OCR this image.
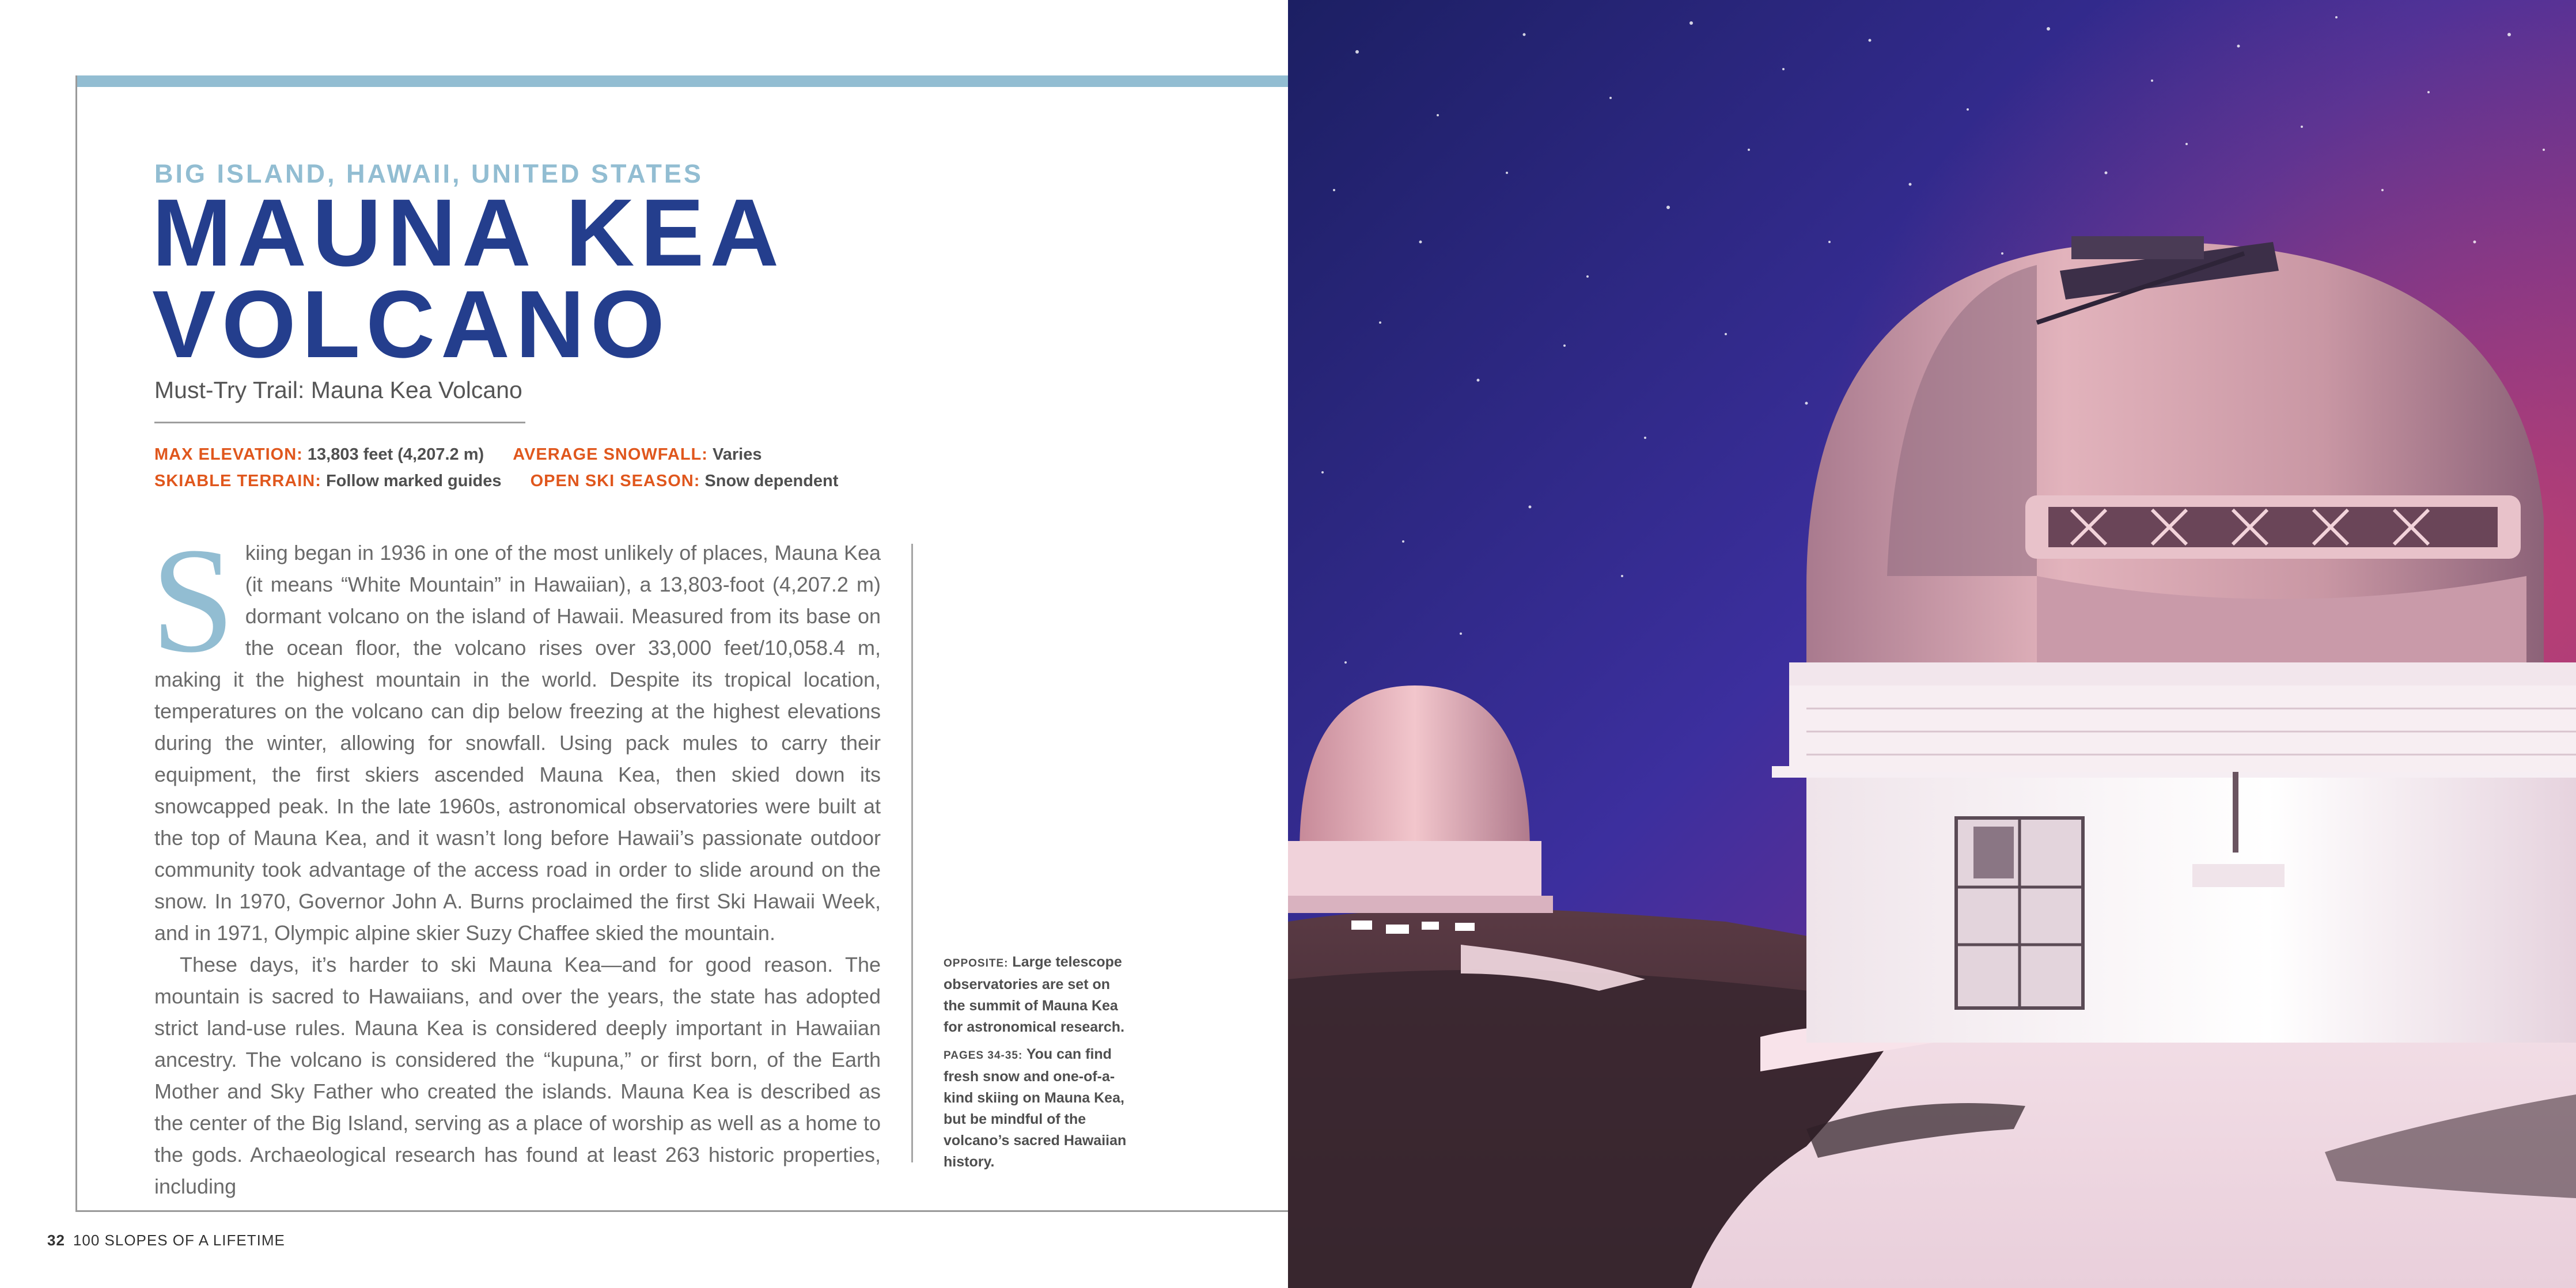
BIG ISLAND, HAWAII, UNITED STATES
MAUNA KEA
VOLCANO
Must-Try Trail: Mauna Kea Volcano
MAX ELEVATION: 13,803 feet (4,207.2 m) AVERAGE SNOWFALL: Varies
SKIABLE TERRAIN: Follow marked guides OPEN SKI SEASON: Snow dependent

Skiing began in 1936 in one of the most unlikely of places, Mauna Kea (it means “White Mountain” in Hawaiian), a 13,803-foot (4,207.2 m) dormant volcano on the island of Hawaii. Measured from its base on the ocean floor, the volcano rises over 33,000 feet/10,058.4 m, making it the highest mountain in the world. Despite its tropical location, temperatures on the volcano can dip below freezing at the highest elevations during the winter, allowing for snowfall. Using pack mules to carry their equipment, the first skiers ascended Mauna Kea, then skied down its snowcapped peak. In the late 1960s, astronomical observatories were built at the top of Mauna Kea, and it wasn’t long before Hawaii’s passionate outdoor community took advantage of the access road in order to slide around on the snow. In 1970, Governor John A. Burns proclaimed the first Ski Hawaii Week, and in 1971, Olympic alpine skier Suzy Chaffee skied the mountain.

These days, it’s harder to ski Mauna Kea—and for good reason. The mountain is sacred to Hawaiians, and over the years, the state has adopted strict land-use rules. Mauna Kea is considered deeply important in Hawaiian ancestry. The volcano is considered the “kupuna,” or first born, of the Earth Mother and Sky Father who created the islands. Mauna Kea is described as the center of the Big Island, serving as a place of worship as well as a home to the gods. Archaeological research has found at least 263 historic properties, including

OPPOSITE: Large telescope observatories are set on the summit of Mauna Kea for astronomical research.

PAGES 34-35: You can find fresh snow and one-of-a-kind skiing on Mauna Kea, but be mindful of the volcano’s sacred Hawaiian history.

32 100 SLOPES OF A LIFETIME
